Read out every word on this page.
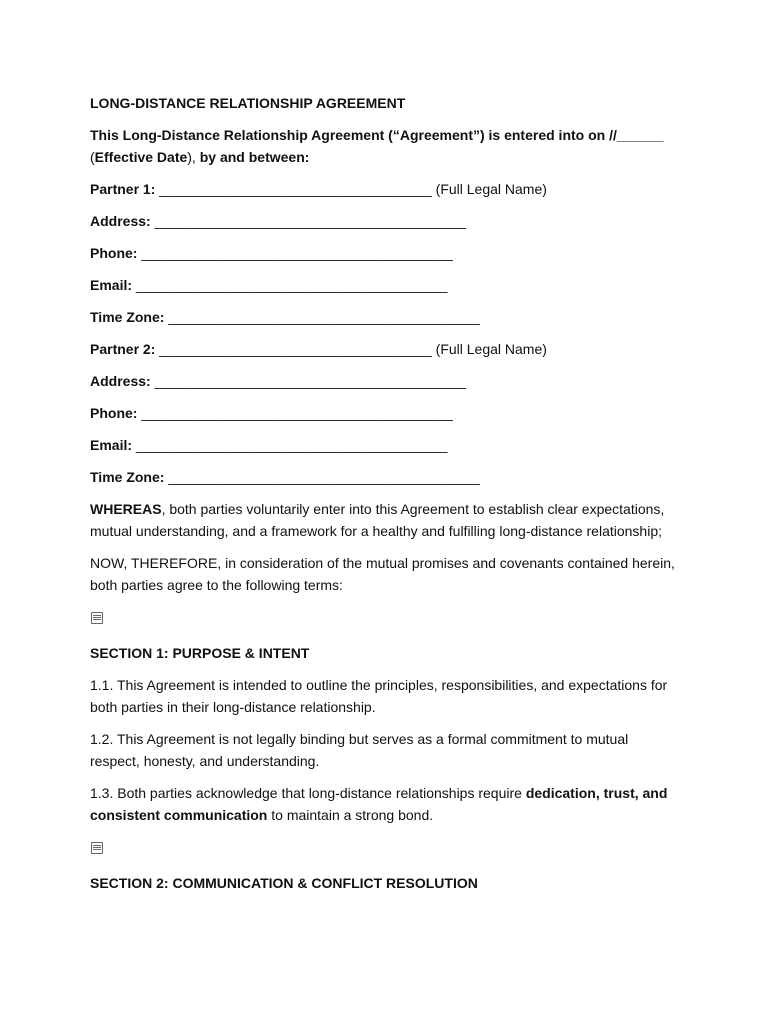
LONG-DISTANCE RELATIONSHIP AGREEMENT

This Long-Distance Relationship Agreement (“Agreement”) is entered into on //______
(Effective Date), by and between:

Partner 1: ___________________________________ (Full Legal Name)
Address: ________________________________________
Phone: ________________________________________
Email: ________________________________________
Time Zone: ________________________________________
Partner 2: ___________________________________ (Full Legal Name)
Address: ________________________________________
Phone: ________________________________________
Email: ________________________________________
Time Zone: ________________________________________

WHEREAS, both parties voluntarily enter into this Agreement to establish clear expectations, mutual understanding, and a framework for a healthy and fulfilling long-distance relationship;

NOW, THEREFORE, in consideration of the mutual promises and covenants contained herein, both parties agree to the following terms:

SECTION 1: PURPOSE & INTENT

1.1. This Agreement is intended to outline the principles, responsibilities, and expectations for both parties in their long-distance relationship.

1.2. This Agreement is not legally binding but serves as a formal commitment to mutual respect, honesty, and understanding.

1.3. Both parties acknowledge that long-distance relationships require dedication, trust, and consistent communication to maintain a strong bond.

SECTION 2: COMMUNICATION & CONFLICT RESOLUTION
